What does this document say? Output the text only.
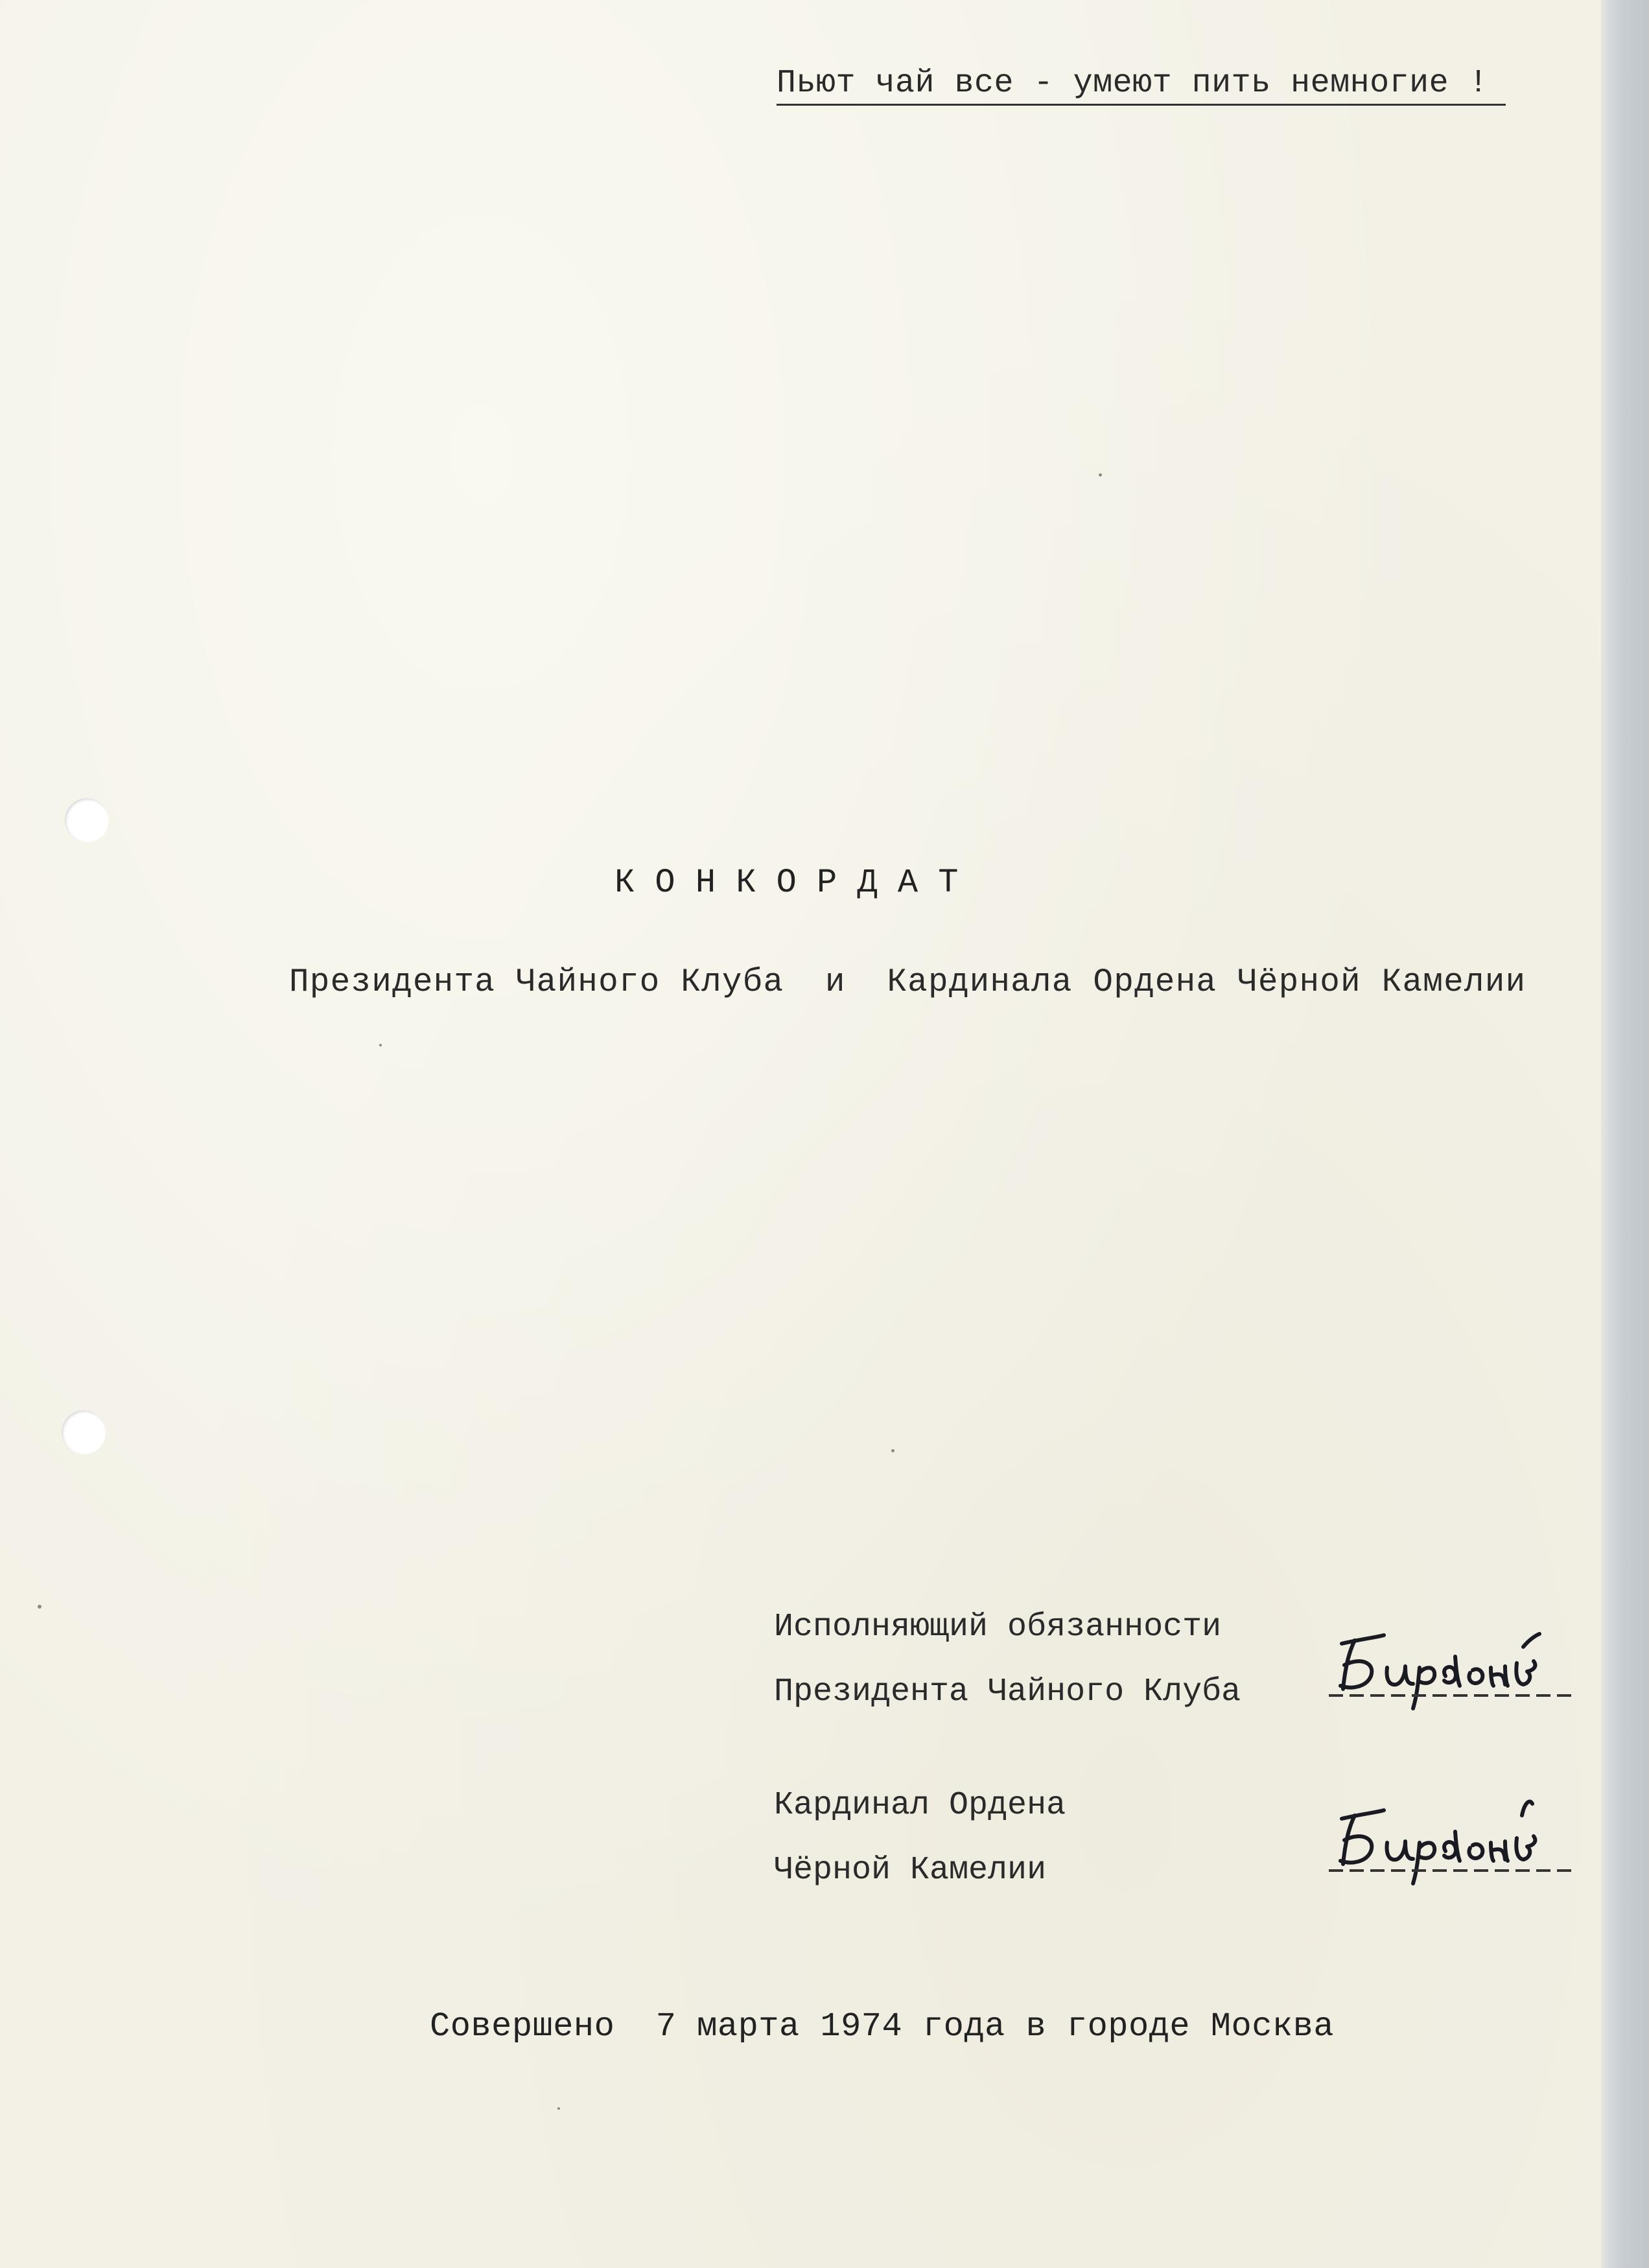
Пьют чай все - умеют пить немногие !
К О Н К О Р Д А Т
Президента Чайного Клуба  и  Кардинала Ордена Чёрной Камелии
Исполняющий обязанности
Президента Чайного Клуба
Кардинал Ордена
Чёрной Камелии
Совершено  7 марта 1974 года в городе Москва
